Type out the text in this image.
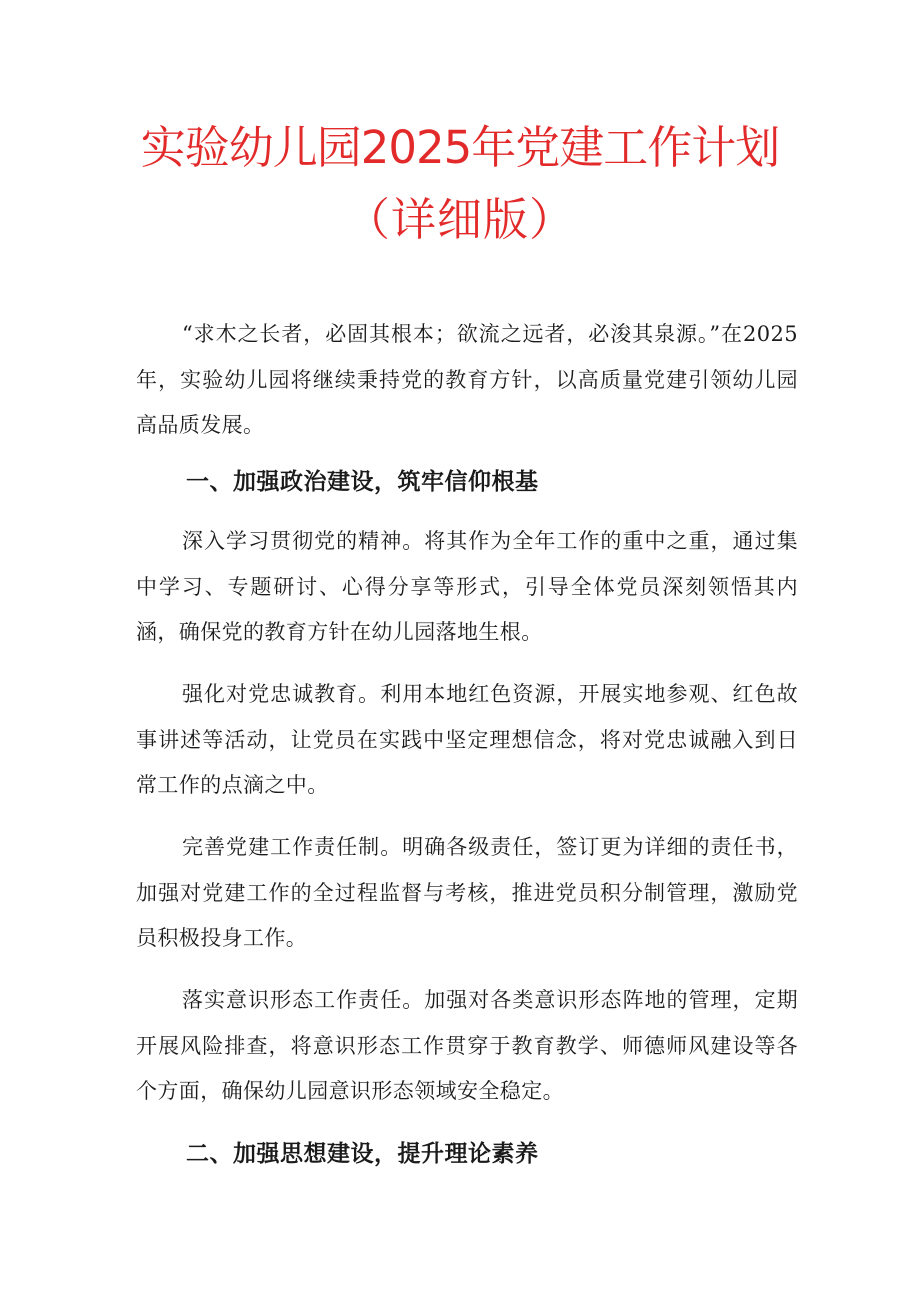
实验幼儿园2025年党建工作计划
（详细版）

“求木之长者，必固其根本；欲流之远者，必浚其泉源。”在2025年，实验幼儿园将继续秉持党的教育方针，以高质量党建引领幼儿园高品质发展。

一、加强政治建设，筑牢信仰根基

深入学习贯彻党的精神。将其作为全年工作的重中之重，通过集中学习、专题研讨、心得分享等形式，引导全体党员深刻领悟其内涵，确保党的教育方针在幼儿园落地生根。

强化对党忠诚教育。利用本地红色资源，开展实地参观、红色故事讲述等活动，让党员在实践中坚定理想信念，将对党忠诚融入到日常工作的点滴之中。

完善党建工作责任制。明确各级责任，签订更为详细的责任书，加强对党建工作的全过程监督与考核，推进党员积分制管理，激励党员积极投身工作。

落实意识形态工作责任。加强对各类意识形态阵地的管理，定期开展风险排查，将意识形态工作贯穿于教育教学、师德师风建设等各个方面，确保幼儿园意识形态领域安全稳定。

二、加强思想建设，提升理论素养
